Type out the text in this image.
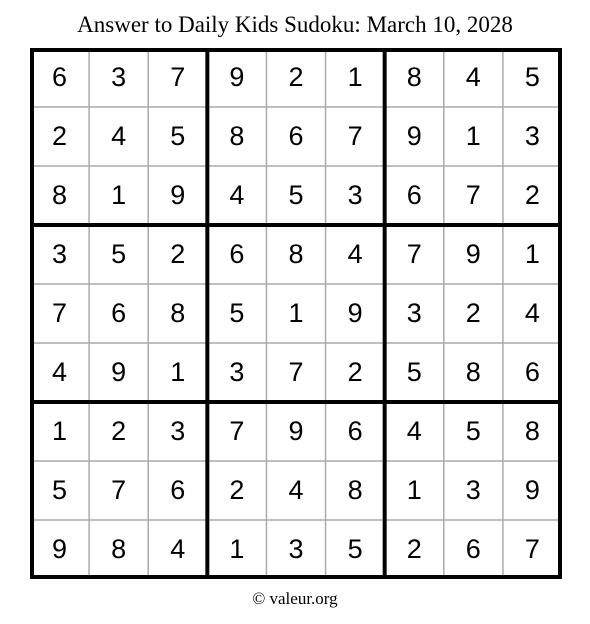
Answer to Daily Kids Sudoku: March 10, 2028
6	3	7	9	2	1	8	4	5
2	4	5	8	6	7	9	1	3
8	1	9	4	5	3	6	7	2
3	5	2	6	8	4	7	9	1
7	6	8	5	1	9	3	2	4
4	9	1	3	7	2	5	8	6
1	2	3	7	9	6	4	5	8
5	7	6	2	4	8	1	3	9
9	8	4	1	3	5	2	6	7
© valeur.org
